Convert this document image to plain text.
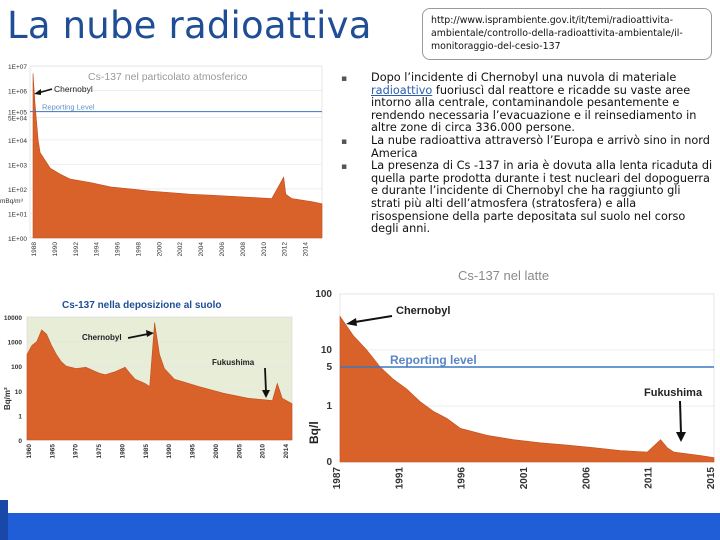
La nube radioattiva	http://www.isprambiente.gov.it/it/temi/radioattivita-ambientale/controllo-della-radioattivita-ambientale/il-monitoraggio-del-cesio-137
▪	Dopo l’incidente di Chernobyl una nuvola di materiale radioattivo fuoriuscì dal reattore e ricadde su vaste aree intorno alla centrale, contaminandole pesantemente e rendendo necessaria l’evacuazione e il reinsediamento in altre zone di circa 336.000 persone.
▪	La nube radioattiva attraversò l’Europa e arrivò sino in nord America
▪	La presenza di Cs -137 in aria è dovuta alla lenta ricaduta di quella parte prodotta durante i test nucleari del dopoguerra e durante l’incidente di Chernobyl che ha raggiunto gli strati più alti dell’atmosfera (stratosfera) e alla risospensione della parte depositata sul suolo nel corso degli anni.
1E+07
1E+06
1E+05
5E+04
1E+04
1E+03
1E+02
1E+01
1E+00
1988 1990 1992 1994 1996 1998 2000 2002 2004 2006 2008 2010 2012 2014
Cs-137 nel particolato atmosferico
mBq/m³
Reporting Level
Chernobyl
10000
1000
100
10
1
0
1960	1965	1970	1975	1980	1985	1990	1995	2000	2005	2010	2014
Cs-137 nella deposizione al suolo
Bq/m²
Chernobyl
Fukushima
100
10
5
1
0
1987	1991	1996	2001	2006	2011	2015
Cs-137 nel latte
Bq/l
Reporting level
Chernobyl
Fukushima
